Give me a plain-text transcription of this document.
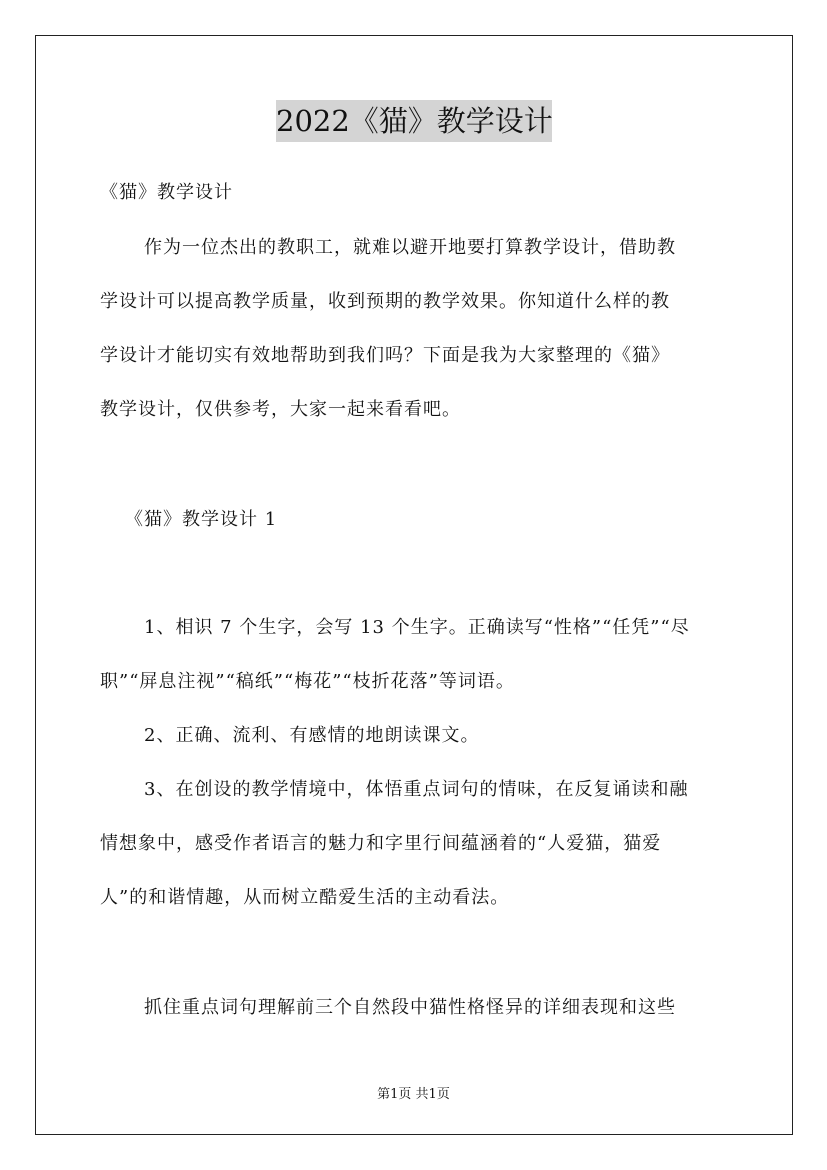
2022《猫》教学设计
《猫》教学设计
作为一位杰出的教职工，就难以避开地要打算教学设计，借助教
学设计可以提高教学质量，收到预期的教学效果。你知道什么样的教
学设计才能切实有效地帮助到我们吗？下面是我为大家整理的《猫》
教学设计，仅供参考，大家一起来看看吧。
《猫》教学设计 1
1、相识 7 个生字，会写 13 个生字。正确读写“性格”“任凭”“尽
职”“屏息注视”“稿纸”“梅花”“枝折花落”等词语。
2、正确、流利、有感情的地朗读课文。
3、在创设的教学情境中，体悟重点词句的情味，在反复诵读和融
情想象中，感受作者语言的魅力和字里行间蕴涵着的“人爱猫，猫爱
人”的和谐情趣，从而树立酷爱生活的主动看法。
抓住重点词句理解前三个自然段中猫性格怪异的详细表现和这些
第1页 共1页
